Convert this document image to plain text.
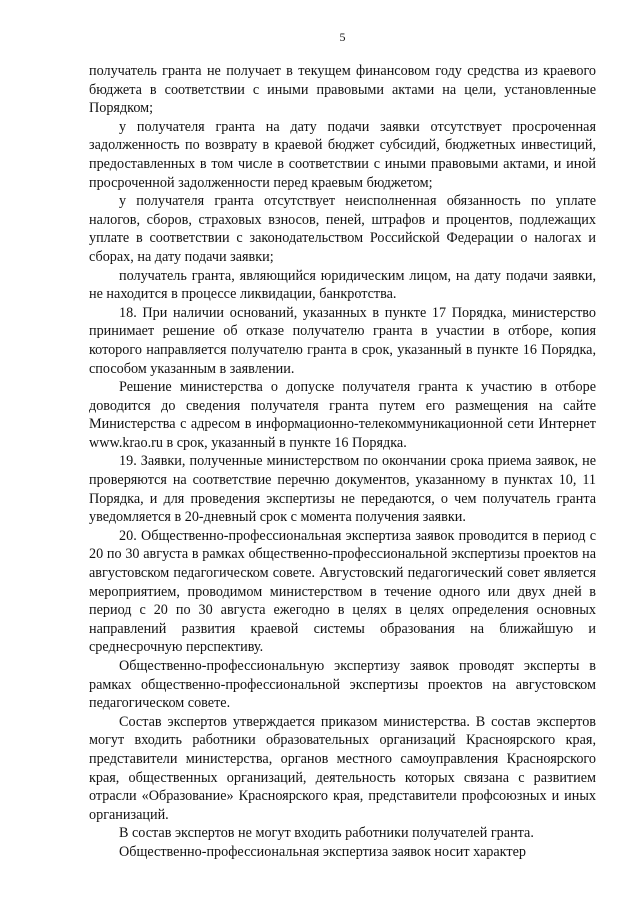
5

получатель гранта не получает в текущем финансовом году средства из краевого бюджета в соответствии с иными правовыми актами на цели, установленные Порядком;

у получателя гранта на дату подачи заявки отсутствует просроченная задолженность по возврату в краевой бюджет субсидий, бюджетных инвестиций, предоставленных в том числе в соответствии с иными правовыми актами, и иной просроченной задолженности перед краевым бюджетом;

у получателя гранта отсутствует неисполненная обязанность по уплате налогов, сборов, страховых взносов, пеней, штрафов и процентов, подлежащих уплате в соответствии с законодательством Российской Федерации о налогах и сборах, на дату подачи заявки;

получатель гранта, являющийся юридическим лицом, на дату подачи заявки, не находится в процессе ликвидации, банкротства.

18. При наличии оснований, указанных в пункте 17 Порядка, министерство принимает решение об отказе получателю гранта в участии в отборе, копия которого направляется получателю гранта в срок, указанный в пункте 16 Порядка, способом указанным в заявлении.

Решение министерства о допуске получателя гранта к участию в отборе доводится до сведения получателя гранта путем его размещения на сайте Министерства с адресом в информационно-телекоммуникационной сети Интернет www.krao.ru в срок, указанный в пункте 16 Порядка.

19. Заявки, полученные министерством по окончании срока приема заявок, не проверяются на соответствие перечню документов, указанному в пунктах 10, 11 Порядка, и для проведения экспертизы не передаются, о чем получатель гранта уведомляется в 20-дневный срок с момента получения заявки.

20. Общественно-профессиональная экспертиза заявок проводится в период с 20 по 30 августа в рамках общественно-профессиональной экспертизы проектов на августовском педагогическом совете. Августовский педагогический совет является мероприятием, проводимом министерством в течение одного или двух дней в период с 20 по 30 августа ежегодно в целях в целях определения основных направлений развития краевой системы образования на ближайшую и среднесрочную перспективу.

Общественно-профессиональную экспертизу заявок проводят эксперты в рамках общественно-профессиональной экспертизы проектов на августовском педагогическом совете.

Состав экспертов утверждается приказом министерства. В состав экспертов могут входить работники образовательных организаций Красноярского края, представители министерства, органов местного самоуправления Красноярского края, общественных организаций, деятельность которых связана с развитием отрасли «Образование» Красноярского края, представители профсоюзных и иных организаций.

В состав экспертов не могут входить работники получателей гранта.

Общественно-профессиональная экспертиза заявок носит характер
